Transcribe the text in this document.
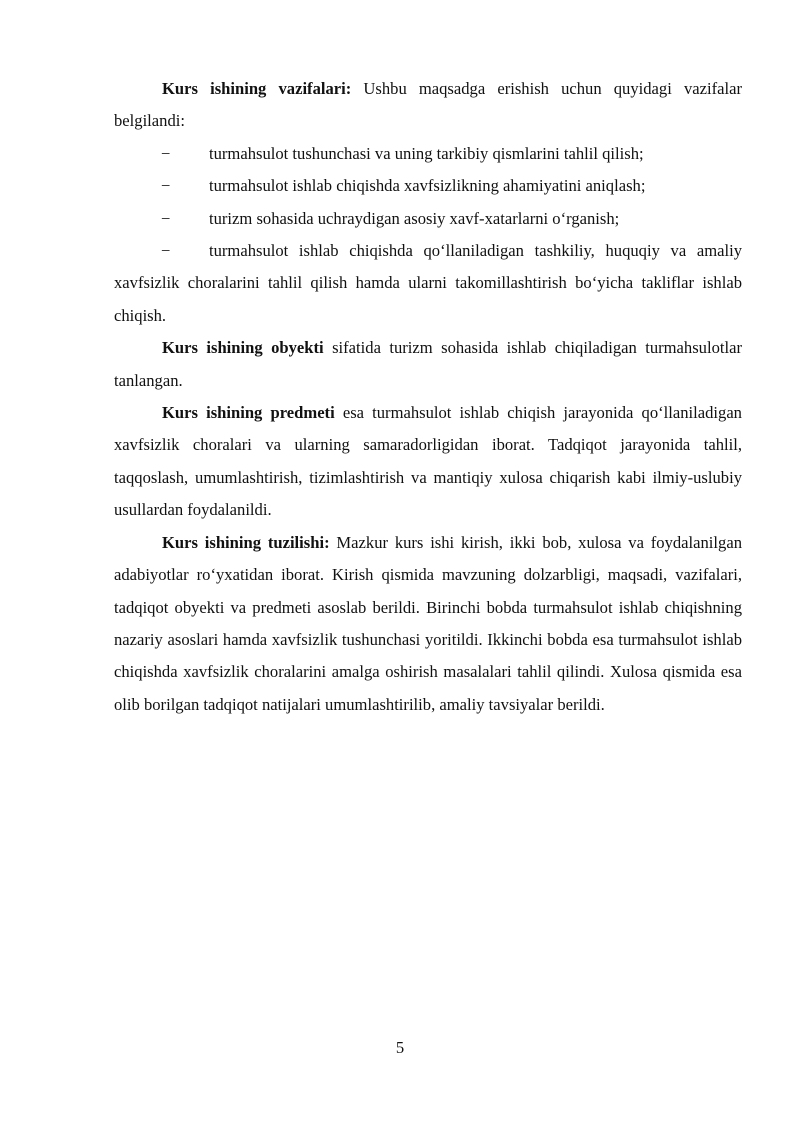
Kurs ishining vazifalari: Ushbu maqsadga erishish uchun quyidagi vazifalar belgilandi:

− turmahsulot tushunchasi va uning tarkibiy qismlarini tahlil qilish;

− turmahsulot ishlab chiqishda xavfsizlikning ahamiyatini aniqlash;

− turizm sohasida uchraydigan asosiy xavf-xatarlarni o‘rganish;

− turmahsulot ishlab chiqishda qo‘llaniladigan tashkiliy, huquqiy va amaliy xavfsizlik choralarini tahlil qilish hamda ularni takomillashtirish bo‘yicha takliflar ishlab chiqish.

Kurs ishining obyekti sifatida turizm sohasida ishlab chiqiladigan turmahsulotlar tanlangan.

Kurs ishining predmeti esa turmahsulot ishlab chiqish jarayonida qo‘llaniladigan xavfsizlik choralari va ularning samaradorligidan iborat. Tadqiqot jarayonida tahlil, taqqoslash, umumlashtirish, tizimlashtirish va mantiqiy xulosa chiqarish kabi ilmiy-uslubiy usullardan foydalanildi.

Kurs ishining tuzilishi: Mazkur kurs ishi kirish, ikki bob, xulosa va foydalanilgan adabiyotlar ro‘yxatidan iborat. Kirish qismida mavzuning dolzarbligi, maqsadi, vazifalari, tadqiqot obyekti va predmeti asoslab berildi. Birinchi bobda turmahsulot ishlab chiqishning nazariy asoslari hamda xavfsizlik tushunchasi yoritildi. Ikkinchi bobda esa turmahsulot ishlab chiqishda xavfsizlik choralarini amalga oshirish masalalari tahlil qilindi. Xulosa qismida esa olib borilgan tadqiqot natijalari umumlashtirilib, amaliy tavsiyalar berildi.

5
